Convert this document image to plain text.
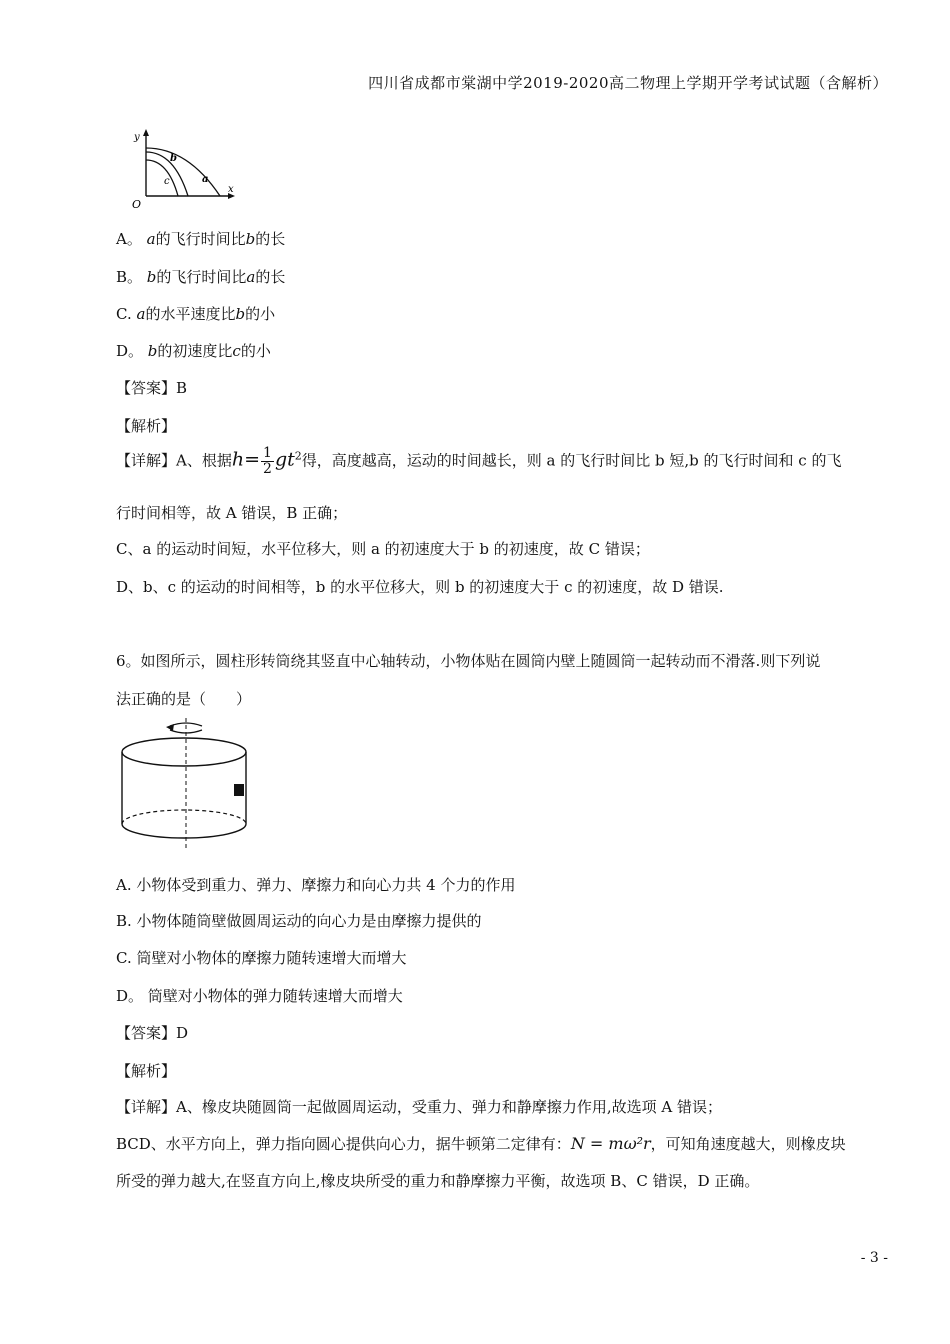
四川省成都市棠湖中学2019-2020高二物理上学期开学考试试题（含解析）
y
x
O
a
b
c
A。 a的飞行时间比b的长
B。 b的飞行时间比a的长
C. a的水平速度比b的小
D。 b的初速度比c的小
【答案】B
【解析】
【详解】A、根据$h= \frac{1}{2} gt^2$得，高度越高，运动的时间越长，则 a 的飞行时间比 b 短,b 的飞行时间和 c 的飞
行时间相等，故 A 错误，B 正确；
C、a 的运动时间短，水平位移大，则 a 的初速度大于 b 的初速度，故 C 错误；
D、b、c 的运动的时间相等，b 的水平位移大，则 b 的初速度大于 c 的初速度，故 D 错误.
6。如图所示，圆柱形转筒绕其竖直中心轴转动，小物体贴在圆筒内壁上随圆筒一起转动而不滑落.则下列说
法正确的是（　　）
A. 小物体受到重力、弹力、摩擦力和向心力共 4 个力的作用
B. 小物体随筒壁做圆周运动的向心力是由摩擦力提供的
C. 筒壁对小物体的摩擦力随转速增大而增大
D。 筒壁对小物体的弹力随转速增大而增大
【答案】D
【解析】
【详解】A、橡皮块随圆筒一起做圆周运动，受重力、弹力和静摩擦力作用,故选项 A 错误；
BCD、水平方向上，弹力指向圆心提供向心力，据牛顿第二定律有：N = mω²r，可知角速度越大，则橡皮块
所受的弹力越大,在竖直方向上,橡皮块所受的重力和静摩擦力平衡，故选项 B、C 错误，D 正确。
- 3 -
